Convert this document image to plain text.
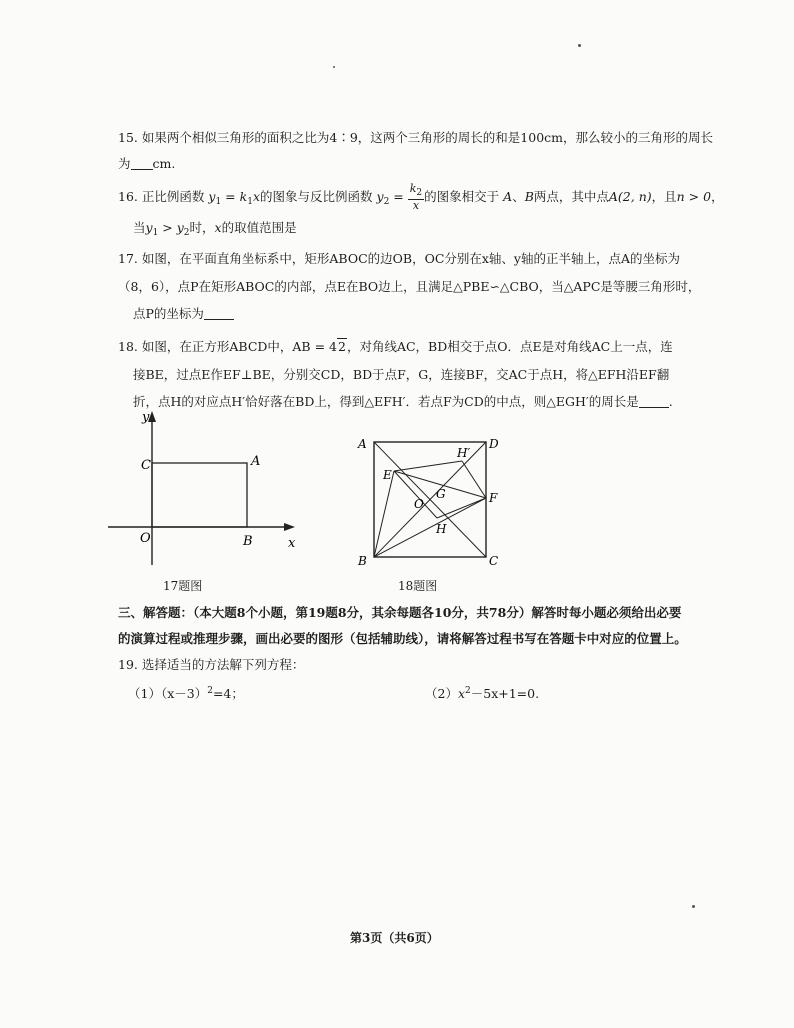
15. 如果两个相似三角形的面积之比为4∶9，这两个三角形的周长的和是100cm，那么较小的三角形的周长
为 cm.
16. 正比例函数 $y_1 = k_1x$的图象与反比例函数 $y_2 = \frac{k_2}{x}$ 的图象相交于 A、B两点，其中点A(2, n)，且n > 0，
当$y_1 > y_2$时，x的取值范围是
17. 如图，在平面直角坐标系中，矩形ABOC的边OB，OC分别在x轴、y轴的正半轴上，点A的坐标为
（8，6），点P在矩形ABOC的内部，点E在BO边上，且满足△PBE∽△CBO，当△APC是等腰三角形时，
点P的坐标为
18. 如图，在正方形ABCD中，AB = 42，对角线AC，BD相交于点O．点E是对角线AC上一点，连
接BE，过点E作EF⊥BE，分别交CD，BD于点F，G，连接BF，交AC于点H，将△EFH沿EF翻
折，点H的对应点H′恰好落在BD上，得到△EFH′．若点F为CD的中点，则△EGH′的周长是 .
y
C	A
O	B	x
17题图
A	D
H′
E
G	F
O
H
B	C
18题图
三、解答题：（本大题8个小题，第19题8分，其余每题各10分，共78分）解答时每小题必须给出必要
的演算过程或推理步骤，画出必要的图形（包括辅助线），请将解答过程书写在答题卡中对应的位置上。
19. 选择适当的方法解下列方程：
$(1)(x-3)^2=4$；	$(2)x^2-5x+1=0$.
第3页（共6页）
